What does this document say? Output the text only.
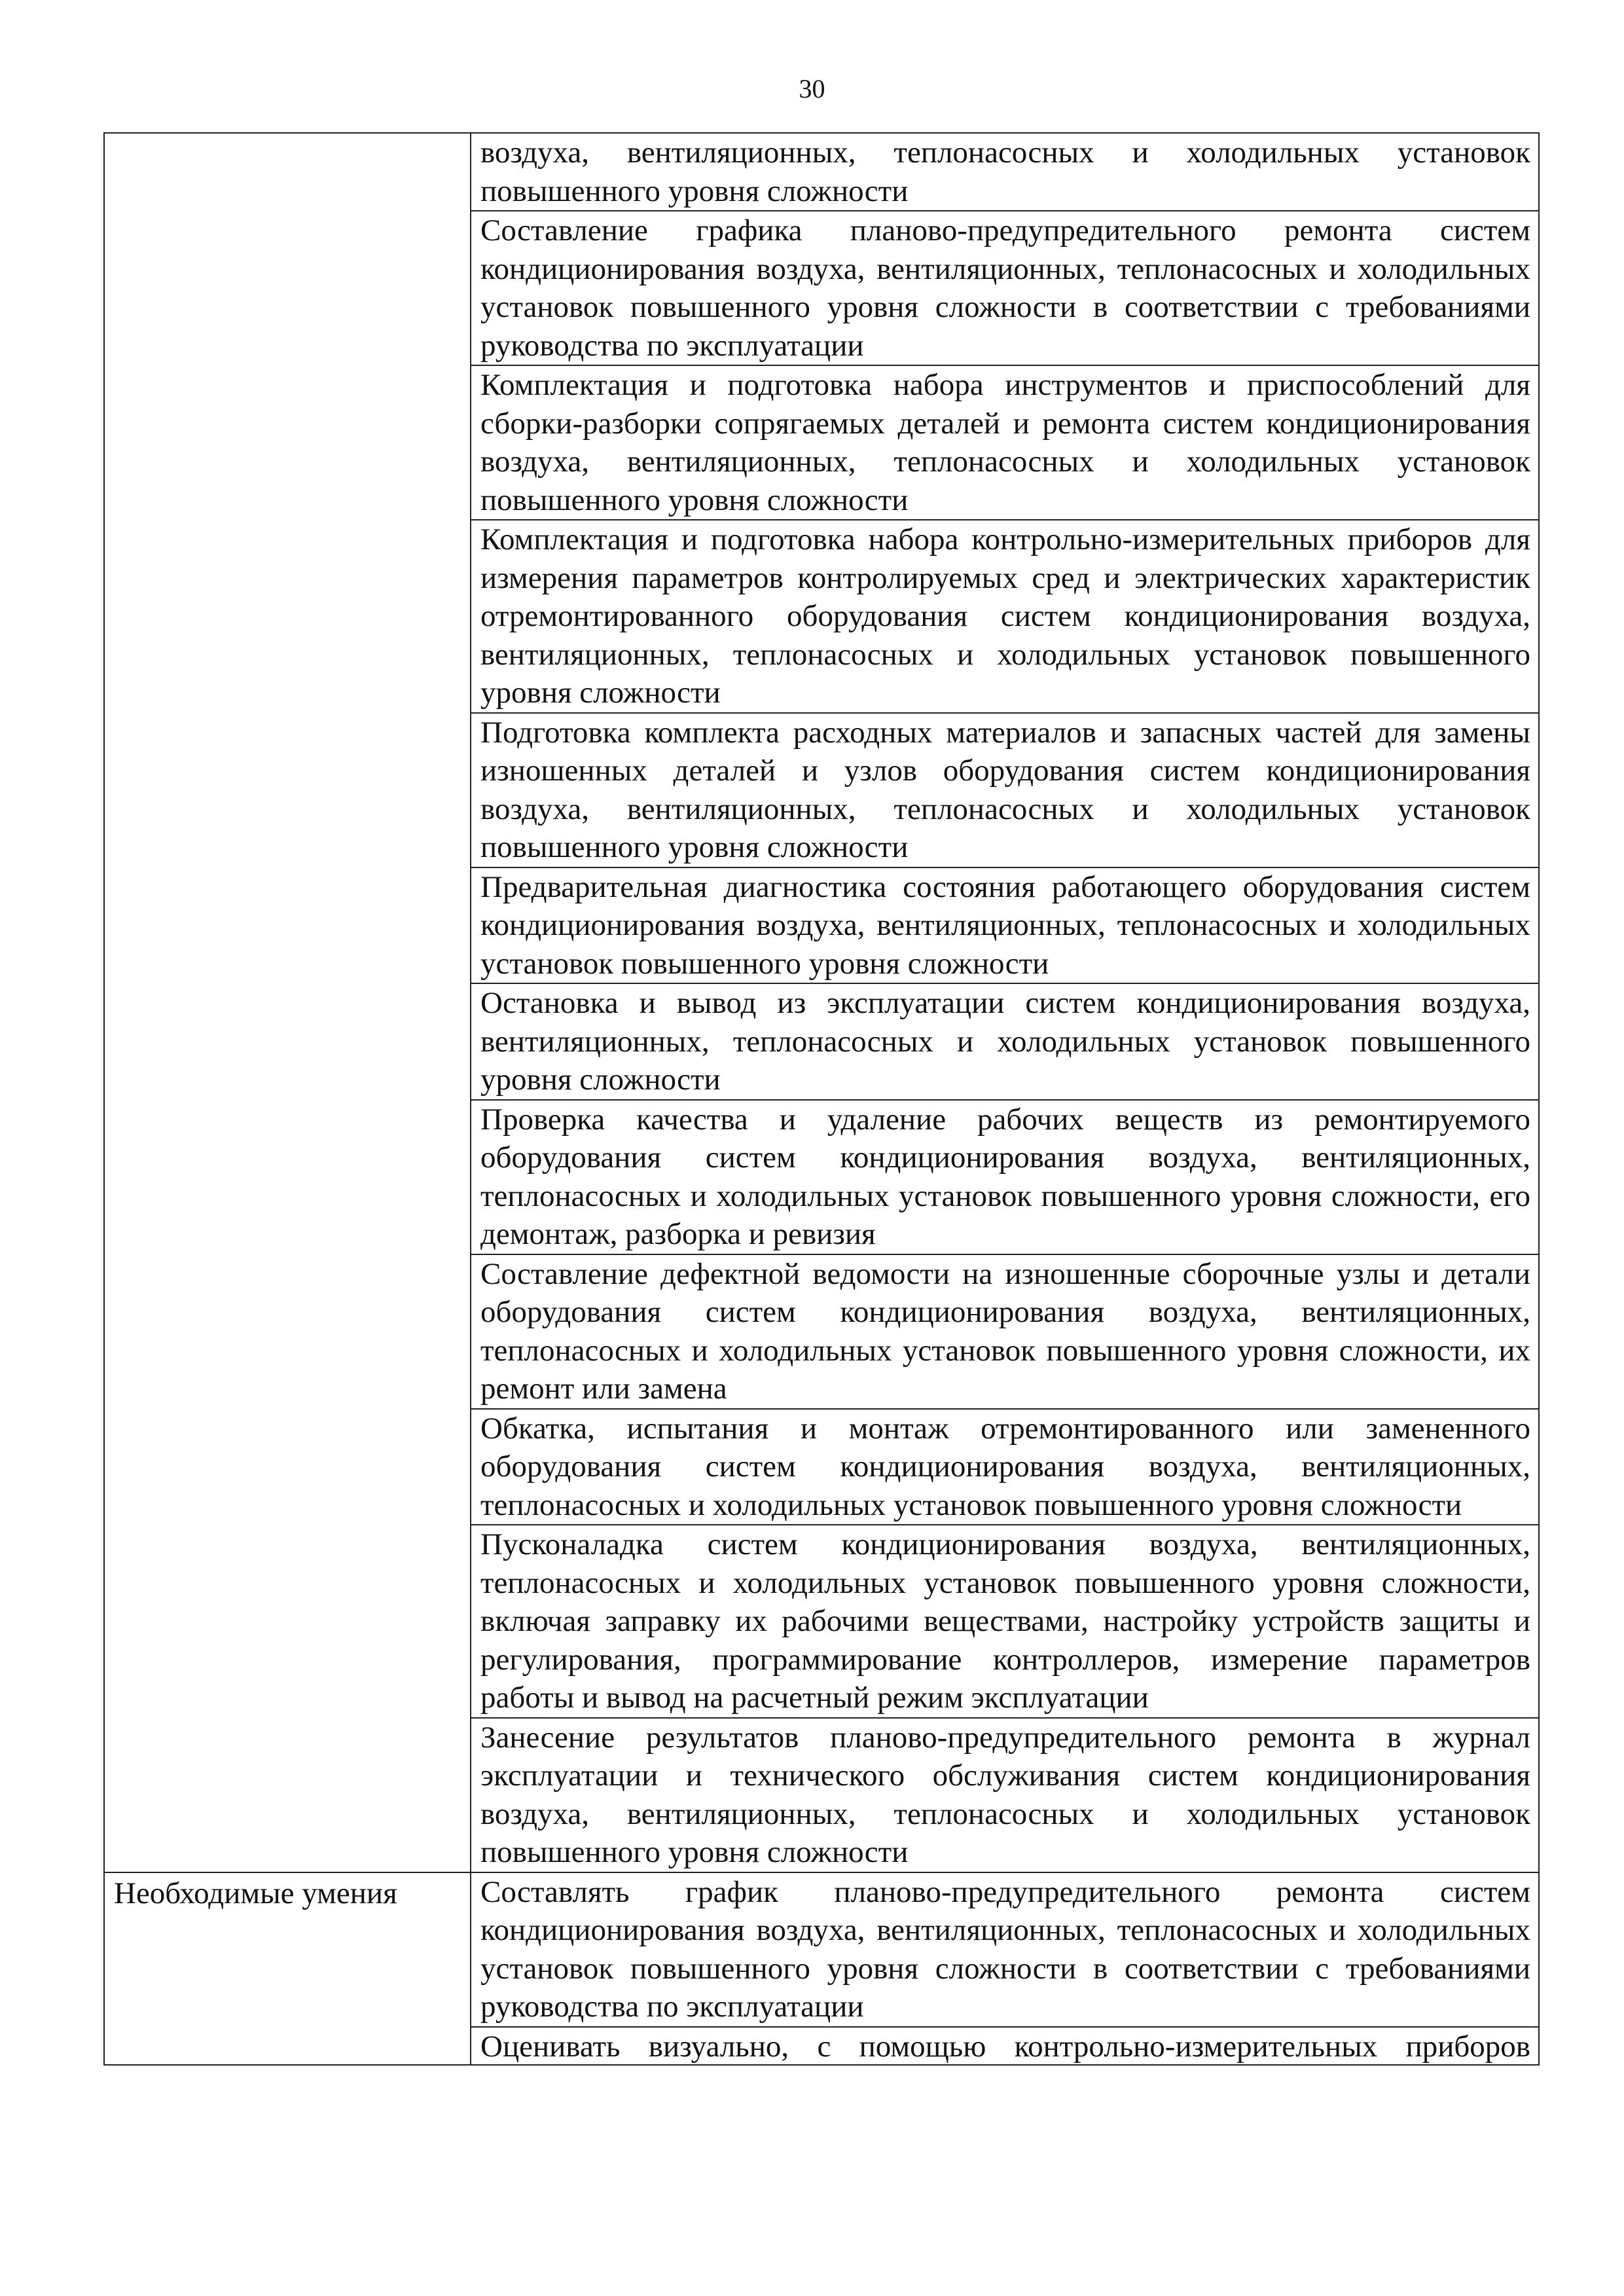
30
	воздуха, вентиляционных, теплонасосных и холодильных установок повышенного уровня сложности
	Составление графика планово-предупредительного ремонта систем кондиционирования воздуха, вентиляционных, теплонасосных и холодильных установок повышенного уровня сложности в соответствии с требованиями руководства по эксплуатации
	Комплектация и подготовка набора инструментов и приспособлений для сборки-разборки сопрягаемых деталей и ремонта систем кондиционирования воздуха, вентиляционных, теплонасосных и холодильных установок повышенного уровня сложности
	Комплектация и подготовка набора контрольно-измерительных приборов для измерения параметров контролируемых сред и электрических характеристик отремонтированного оборудования систем кондиционирования воздуха, вентиляционных, теплонасосных и холодильных установок повышенного уровня сложности
	Подготовка комплекта расходных материалов и запасных частей для замены изношенных деталей и узлов оборудования систем кондиционирования воздуха, вентиляционных, теплонасосных и холодильных установок повышенного уровня сложности
	Предварительная диагностика состояния работающего оборудования систем кондиционирования воздуха, вентиляционных, теплонасосных и холодильных установок повышенного уровня сложности
	Остановка и вывод из эксплуатации систем кондиционирования воздуха, вентиляционных, теплонасосных и холодильных установок повышенного уровня сложности
	Проверка качества и удаление рабочих веществ из ремонтируемого оборудования систем кондиционирования воздуха, вентиляционных, теплонасосных и холодильных установок повышенного уровня сложности, его демонтаж, разборка и ревизия
	Составление дефектной ведомости на изношенные сборочные узлы и детали оборудования систем кондиционирования воздуха, вентиляционных, теплонасосных и холодильных установок повышенного уровня сложности, их ремонт или замена
	Обкатка, испытания и монтаж отремонтированного или замененного оборудования систем кондиционирования воздуха, вентиляционных, теплонасосных и холодильных установок повышенного уровня сложности
	Пусконаладка систем кондиционирования воздуха, вентиляционных, теплонасосных и холодильных установок повышенного уровня сложности, включая заправку их рабочими веществами, настройку устройств защиты и регулирования, программирование контроллеров, измерение параметров работы и вывод на расчетный режим эксплуатации
	Занесение результатов планово-предупредительного ремонта в журнал эксплуатации и технического обслуживания систем кондиционирования воздуха, вентиляционных, теплонасосных и холодильных установок повышенного уровня сложности
Необходимые умения	Составлять график планово-предупредительного ремонта систем кондиционирования воздуха, вентиляционных, теплонасосных и холодильных установок повышенного уровня сложности в соответствии с требованиями руководства по эксплуатации

	Оценивать визуально, с помощью контрольно-измерительных приборов
